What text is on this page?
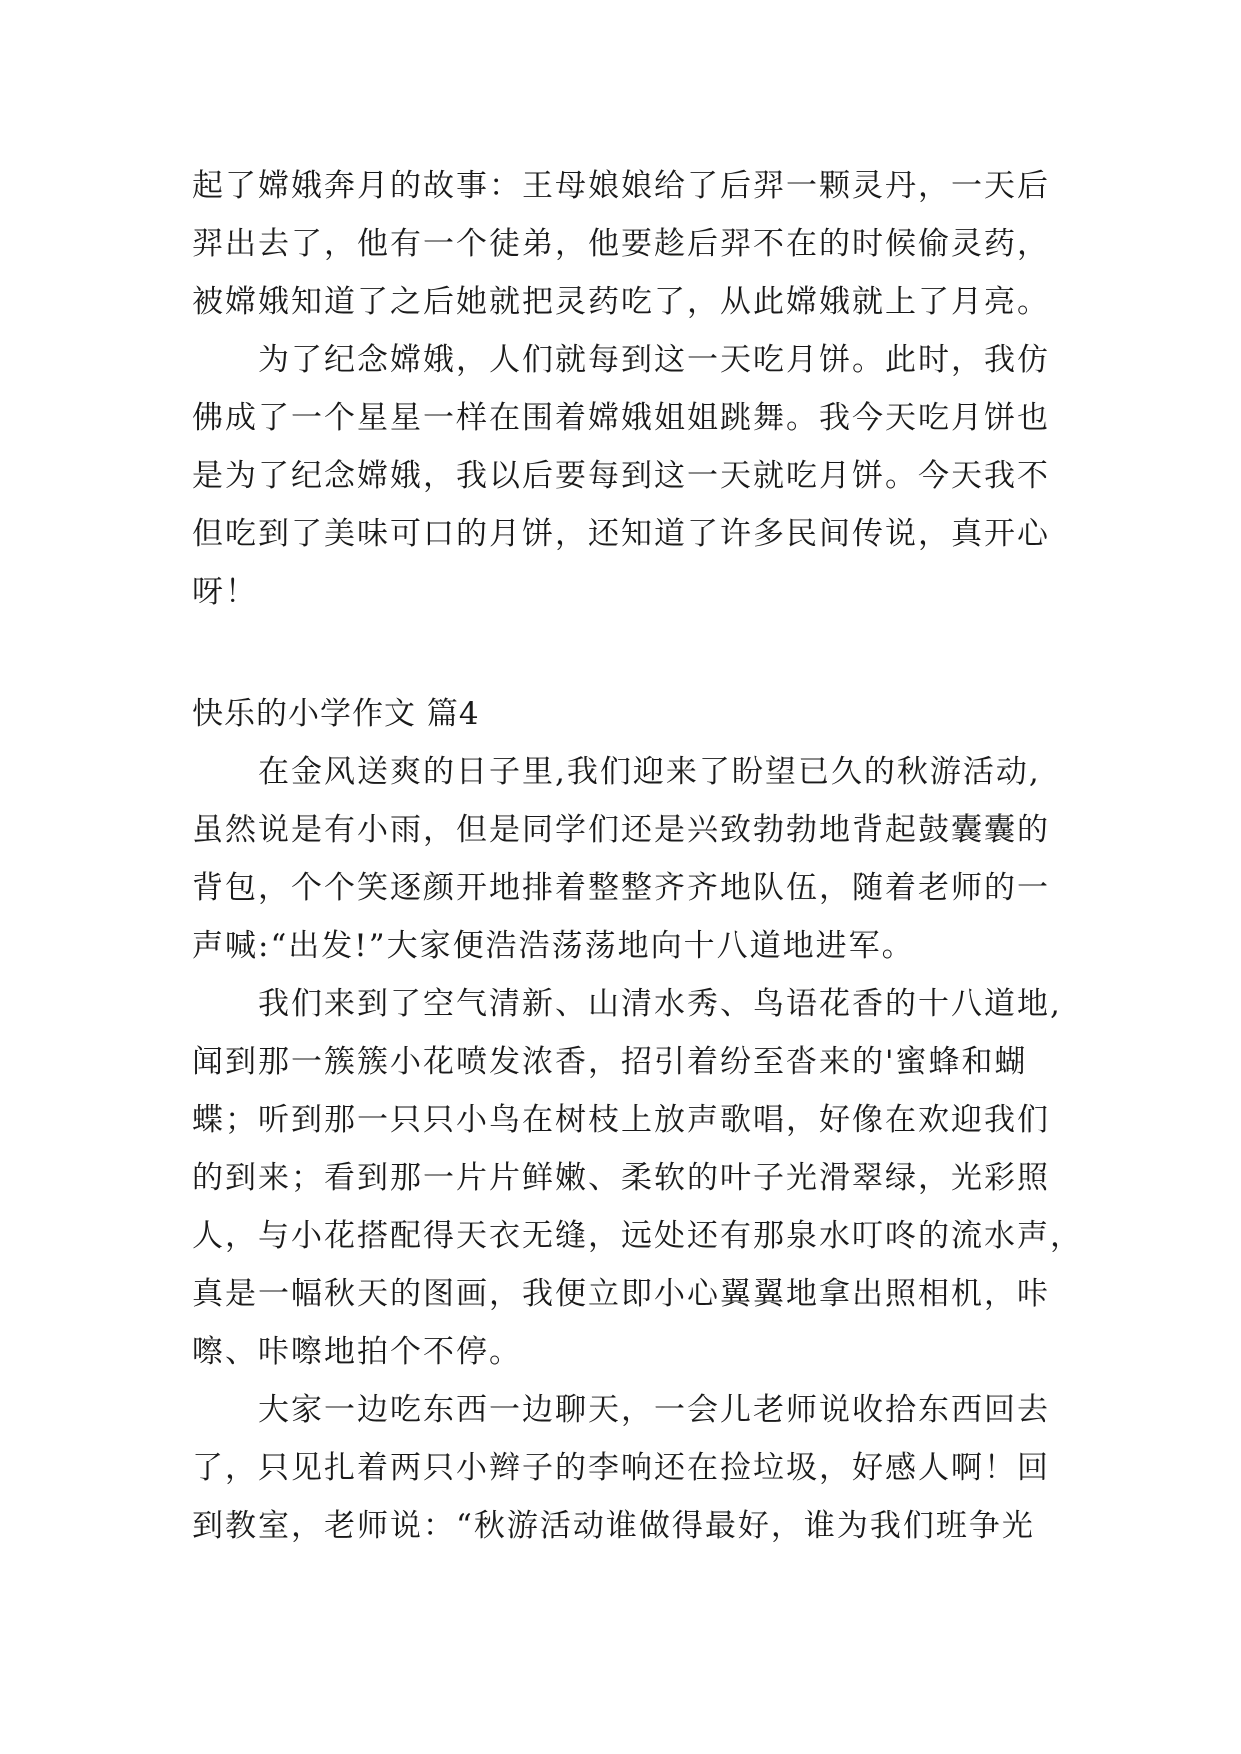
起了嫦娥奔月的故事：王母娘娘给了后羿一颗灵丹，一天后
羿出去了，他有一个徒弟，他要趁后羿不在的时候偷灵药，
被嫦娥知道了之后她就把灵药吃了，从此嫦娥就上了月亮。
为了纪念嫦娥，人们就每到这一天吃月饼。此时，我仿
佛成了一个星星一样在围着嫦娥姐姐跳舞。我今天吃月饼也
是为了纪念嫦娥，我以后要每到这一天就吃月饼。今天我不
但吃到了美味可口的月饼，还知道了许多民间传说，真开心
呀！
快乐的小学作文 篇4
在金风送爽的日子里,我们迎来了盼望已久的秋游活动,
虽然说是有小雨，但是同学们还是兴致勃勃地背起鼓囊囊的
背包，个个笑逐颜开地排着整整齐齐地队伍，随着老师的一
声喊:“出发!”大家便浩浩荡荡地向十八道地进军。
我们来到了空气清新、山清水秀、鸟语花香的十八道地,
闻到那一簇簇小花喷发浓香，招引着纷至沓来的'蜜蜂和蝴
蝶；听到那一只只小鸟在树枝上放声歌唱，好像在欢迎我们
的到来；看到那一片片鲜嫩、柔软的叶子光滑翠绿，光彩照
人，与小花搭配得天衣无缝，远处还有那泉水叮咚的流水声，
真是一幅秋天的图画，我便立即小心翼翼地拿出照相机，咔
嚓、咔嚓地拍个不停。
大家一边吃东西一边聊天，一会儿老师说收拾东西回去
了，只见扎着两只小辫子的李响还在捡垃圾，好感人啊！回
到教室，老师说：“秋游活动谁做得最好，谁为我们班争光
